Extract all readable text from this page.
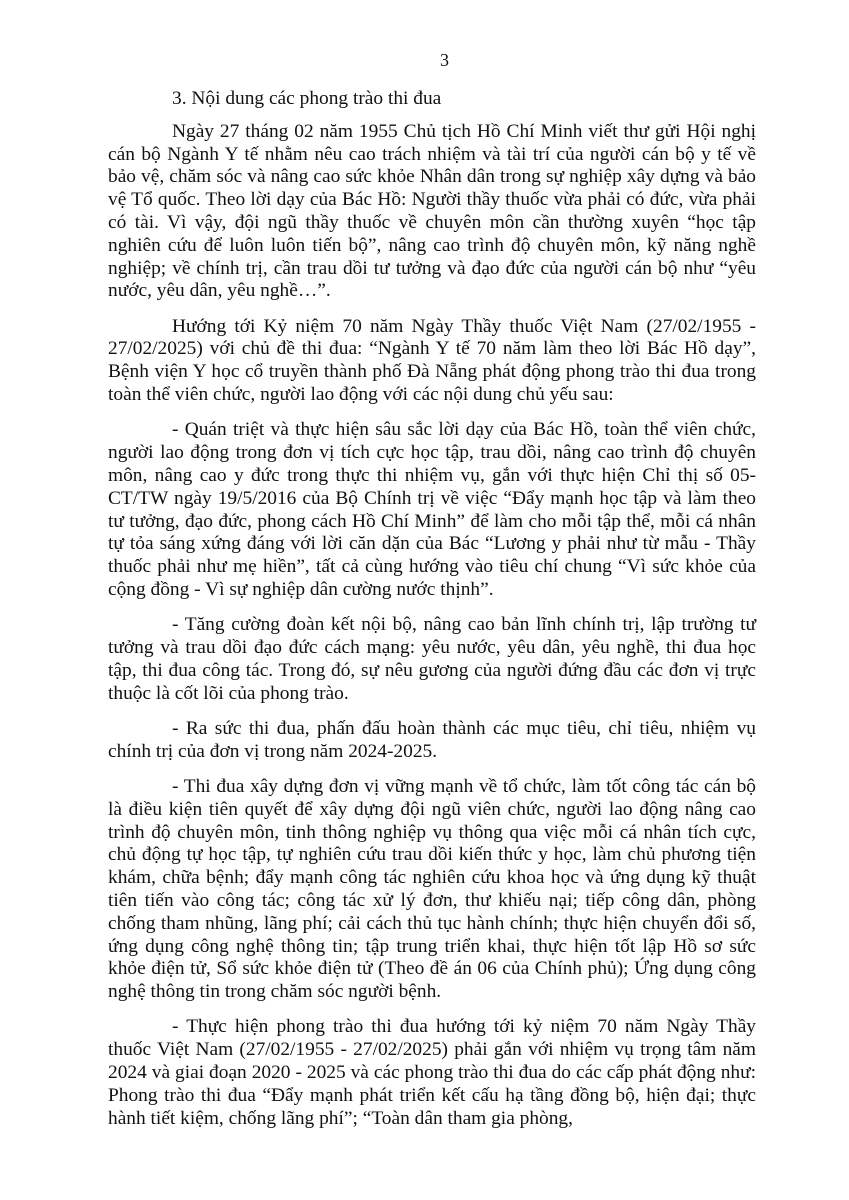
3

3. Nội dung các phong trào thi đua

Ngày 27 tháng 02 năm 1955 Chủ tịch Hồ Chí Minh viết thư gửi Hội nghị cán bộ Ngành Y tế nhằm nêu cao trách nhiệm và tài trí của người cán bộ y tế về bảo vệ, chăm sóc và nâng cao sức khỏe Nhân dân trong sự nghiệp xây dựng và bảo vệ Tổ quốc. Theo lời dạy của Bác Hồ: Người thầy thuốc vừa phải có đức, vừa phải có tài. Vì vậy, đội ngũ thầy thuốc về chuyên môn cần thường xuyên “học tập nghiên cứu để luôn luôn tiến bộ”, nâng cao trình độ chuyên môn, kỹ năng nghề nghiệp; về chính trị, cần trau dồi tư tưởng và đạo đức của người cán bộ như “yêu nước, yêu dân, yêu nghề…”.

Hướng tới Kỷ niệm 70 năm Ngày Thầy thuốc Việt Nam (27/02/1955 - 27/02/2025) với chủ đề thi đua: “Ngành Y tế 70 năm làm theo lời Bác Hồ dạy”, Bệnh viện Y học cổ truyền thành phố Đà Nẵng phát động phong trào thi đua trong toàn thể viên chức, người lao động với các nội dung chủ yếu sau:

- Quán triệt và thực hiện sâu sắc lời dạy của Bác Hồ, toàn thể viên chức, người lao động trong đơn vị tích cực học tập, trau dồi, nâng cao trình độ chuyên môn, nâng cao y đức trong thực thi nhiệm vụ, gắn với thực hiện Chỉ thị số 05-CT/TW ngày 19/5/2016 của Bộ Chính trị về việc “Đẩy mạnh học tập và làm theo tư tưởng, đạo đức, phong cách Hồ Chí Minh” để làm cho mỗi tập thể, mỗi cá nhân tự tỏa sáng xứng đáng với lời căn dặn của Bác “Lương y phải như từ mẫu - Thầy thuốc phải như mẹ hiền”, tất cả cùng hướng vào tiêu chí chung “Vì sức khỏe của cộng đồng - Vì sự nghiệp dân cường nước thịnh”.

- Tăng cường đoàn kết nội bộ, nâng cao bản lĩnh chính trị, lập trường tư tưởng và trau dồi đạo đức cách mạng: yêu nước, yêu dân, yêu nghề, thi đua học tập, thi đua công tác. Trong đó, sự nêu gương của người đứng đầu các đơn vị trực thuộc là cốt lõi của phong trào.

- Ra sức thi đua, phấn đấu hoàn thành các mục tiêu, chỉ tiêu, nhiệm vụ chính trị của đơn vị trong năm 2024-2025.

- Thi đua xây dựng đơn vị vững mạnh về tổ chức, làm tốt công tác cán bộ là điều kiện tiên quyết để xây dựng đội ngũ viên chức, người lao động nâng cao trình độ chuyên môn, tinh thông nghiệp vụ thông qua việc mỗi cá nhân tích cực, chủ động tự học tập, tự nghiên cứu trau dồi kiến thức y học, làm chủ phương tiện khám, chữa bệnh; đẩy mạnh công tác nghiên cứu khoa học và ứng dụng kỹ thuật tiên tiến vào công tác; công tác xử lý đơn, thư khiếu nại; tiếp công dân, phòng chống tham nhũng, lãng phí; cải cách thủ tục hành chính; thực hiện chuyển đổi số, ứng dụng công nghệ thông tin; tập trung triển khai, thực hiện tốt lập Hồ sơ sức khỏe điện tử, Sổ sức khỏe điện tử (Theo đề án 06 của Chính phủ); Ứng dụng công nghệ thông tin trong chăm sóc người bệnh.

- Thực hiện phong trào thi đua hướng tới kỷ niệm 70 năm Ngày Thầy thuốc Việt Nam (27/02/1955 - 27/02/2025) phải gắn với nhiệm vụ trọng tâm năm 2024 và giai đoạn 2020 - 2025 và các phong trào thi đua do các cấp phát động như: Phong trào thi đua “Đẩy mạnh phát triển kết cấu hạ tầng đồng bộ, hiện đại; thực hành tiết kiệm, chống lãng phí”; “Toàn dân tham gia phòng,
